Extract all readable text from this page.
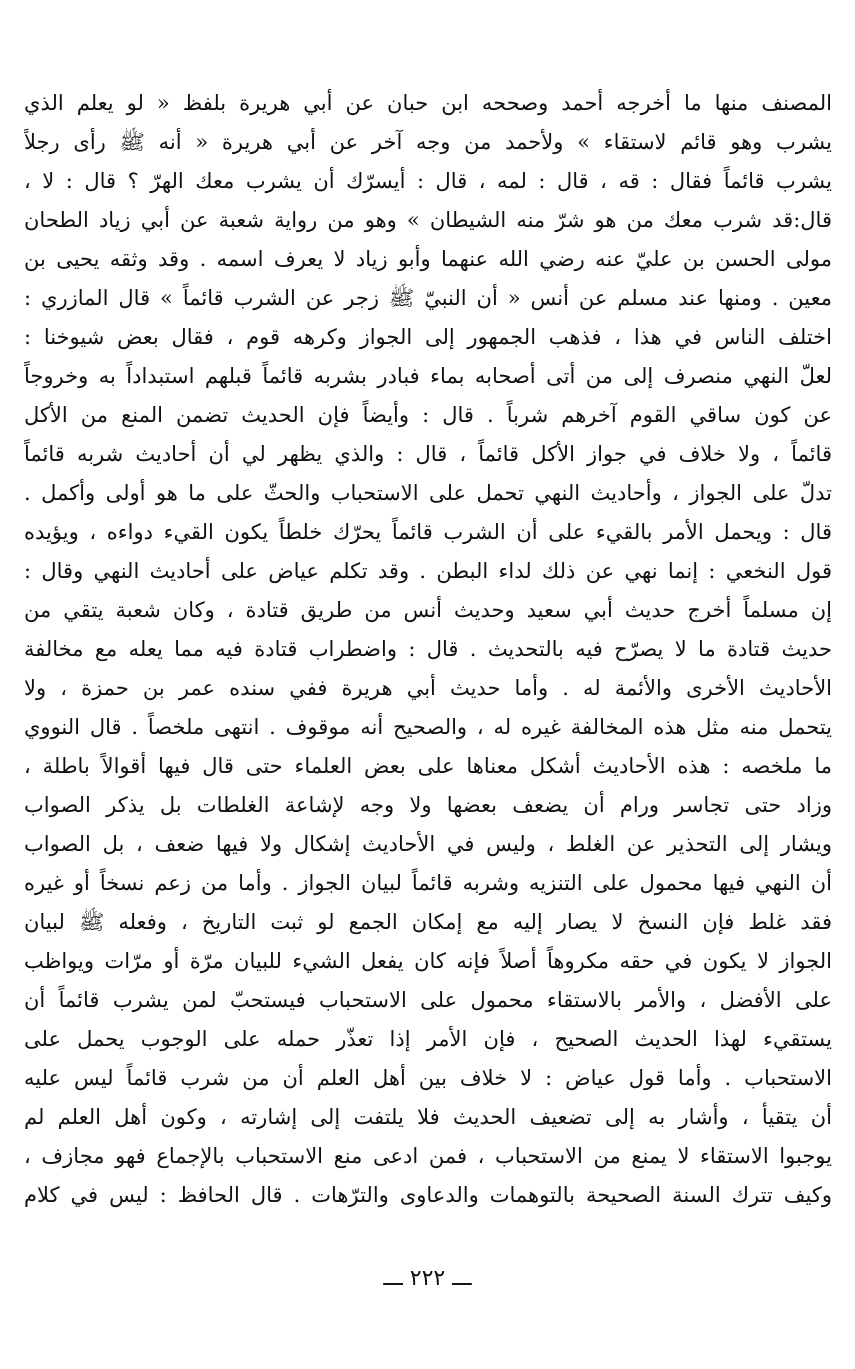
المصنف منها ما أخرجه أحمد وصححه ابن حبان عن أبي هريرة بلفظ « لو يعلم الذي
يشرب وهو قائم لاستقاء » ولأحمد من وجه آخر عن أبي هريرة « أنه ﷺ رأى رجلاً
يشرب قائماً فقال : قه ، قال : لمه ، قال : أيسرّك أن يشرب معك الهرّ ؟ قال : لا ،
قال:قد شرب معك من هو شرّ منه الشيطان » وهو من رواية شعبة عن أبي زياد الطحان
مولى الحسن بن عليّ عنه رضي الله عنهما وأبو زياد لا يعرف اسمه . وقد وثقه يحيى بن
معين . ومنها عند مسلم عن أنس « أن النبيّ ﷺ زجر عن الشرب قائماً » قال المازري :
اختلف الناس في هذا ، فذهب الجمهور إلى الجواز وكرهه قوم ، فقال بعض شيوخنا :
لعلّ النهي منصرف إلى من أتى أصحابه بماء فبادر بشربه قائماً قبلهم استبداداً به وخروجاً
عن كون ساقي القوم آخرهم شرباً . قال : وأيضاً فإن الحديث تضمن المنع من الأكل
قائماً ، ولا خلاف في جواز الأكل قائماً ، قال : والذي يظهر لي أن أحاديث شربه قائماً
تدلّ على الجواز ، وأحاديث النهي تحمل على الاستحباب والحثّ على ما هو أولى وأكمل .
قال : ويحمل الأمر بالقيء على أن الشرب قائماً يحرّك خلطاً يكون القيء دواءه ، ويؤيده
قول النخعي : إنما نهي عن ذلك لداء البطن . وقد تكلم عياض على أحاديث النهي وقال :
إن مسلماً أخرج حديث أبي سعيد وحديث أنس من طريق قتادة ، وكان شعبة يتقي من
حديث قتادة ما لا يصرّح فيه بالتحديث . قال : واضطراب قتادة فيه مما يعله مع مخالفة
الأحاديث الأخرى والأئمة له . وأما حديث أبي هريرة ففي سنده عمر بن حمزة ، ولا
يتحمل منه مثل هذه المخالفة غيره له ، والصحيح أنه موقوف . انتهى ملخصاً . قال النووي
ما ملخصه : هذه الأحاديث أشكل معناها على بعض العلماء حتى قال فيها أقوالاً باطلة ،
وزاد حتى تجاسر ورام أن يضعف بعضها ولا وجه لإشاعة الغلطات بل يذكر الصواب
ويشار إلى التحذير عن الغلط ، وليس في الأحاديث إشكال ولا فيها ضعف ، بل الصواب
أن النهي فيها محمول على التنزيه وشربه قائماً لبيان الجواز . وأما من زعم نسخاً أو غيره
فقد غلط فإن النسخ لا يصار إليه مع إمكان الجمع لو ثبت التاريخ ، وفعله ﷺ لبيان
الجواز لا يكون في حقه مكروهاً أصلاً فإنه كان يفعل الشيء للبيان مرّة أو مرّات ويواظب
على الأفضل ، والأمر بالاستقاء محمول على الاستحباب فيستحبّ لمن يشرب قائماً أن
يستقيء لهذا الحديث الصحيح ، فإن الأمر إذا تعذّر حمله على الوجوب يحمل على
الاستحباب . وأما قول عياض : لا خلاف بين أهل العلم أن من شرب قائماً ليس عليه
أن يتقيأ ، وأشار به إلى تضعيف الحديث فلا يلتفت إلى إشارته ، وكون أهل العلم لم
يوجبوا الاستقاء لا يمنع من الاستحباب ، فمن ادعى منع الاستحباب بالإجماع فهو مجازف ،
وكيف تترك السنة الصحيحة بالتوهمات والدعاوى والترّهات . قال الحافظ : ليس في كلام
ـــ ٢٢٢ ـــ
